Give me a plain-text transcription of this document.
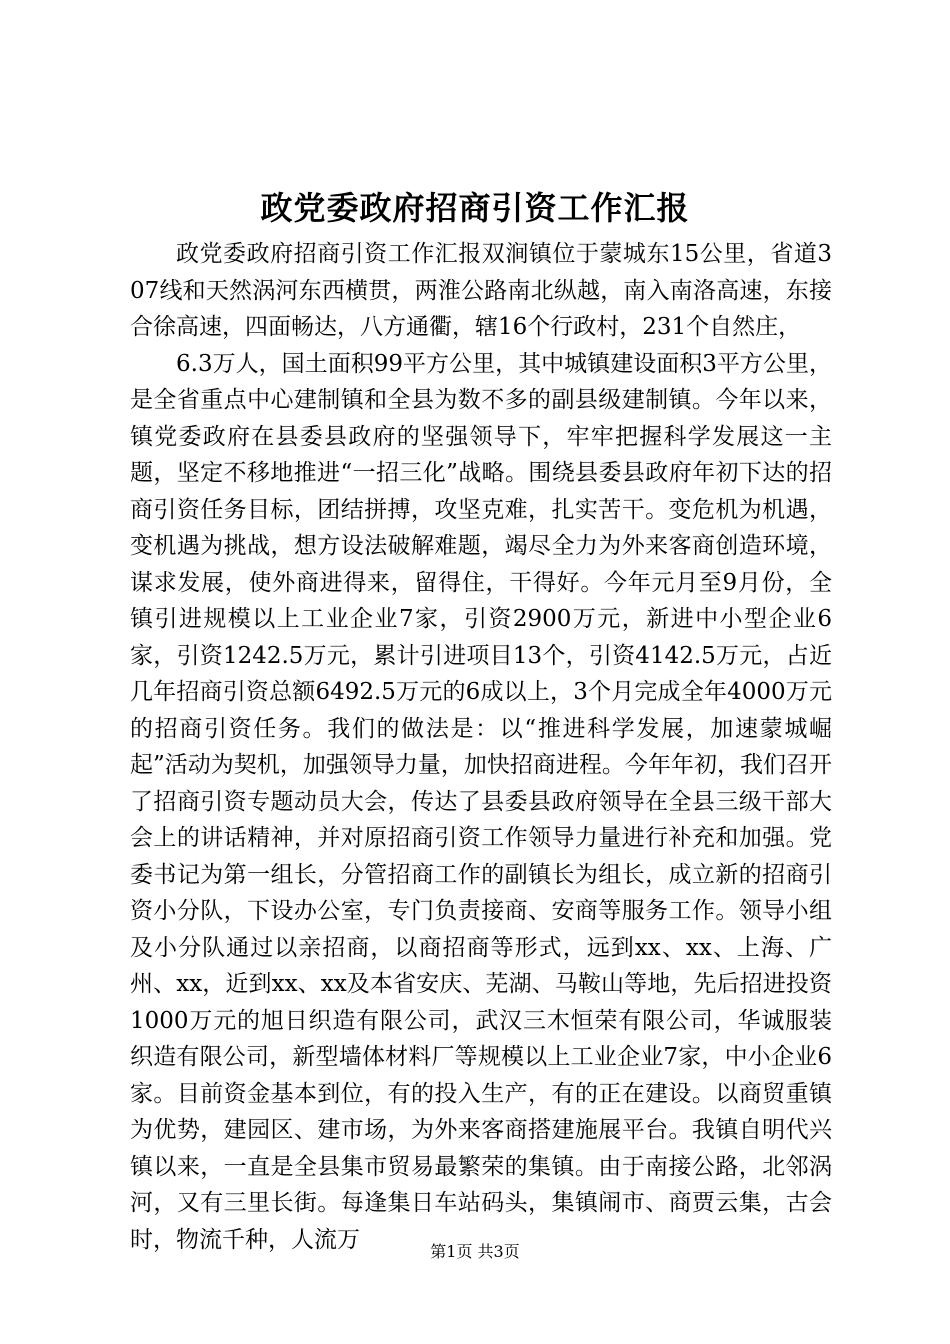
政党委政府招商引资工作汇报

政党委政府招商引资工作汇报双涧镇位于蒙城东15公里，省道307线和天然涡河东西横贯，两淮公路南北纵越，南入南洛高速，东接合徐高速，四面畅达，八方通衢，辖16个行政村，231个自然庄，

6.3万人，国土面积99平方公里，其中城镇建设面积3平方公里，是全省重点中心建制镇和全县为数不多的副县级建制镇。今年以来，镇党委政府在县委县政府的坚强领导下，牢牢把握科学发展这一主题，坚定不移地推进“一招三化”战略。围绕县委县政府年初下达的招商引资任务目标，团结拼搏，攻坚克难，扎实苦干。变危机为机遇，变机遇为挑战，想方设法破解难题，竭尽全力为外来客商创造环境，谋求发展，使外商进得来，留得住，干得好。今年元月至9月份，全镇引进规模以上工业企业7家，引资2900万元，新进中小型企业6家，引资1242.5万元，累计引进项目13个，引资4142.5万元，占近几年招商引资总额6492.5万元的6成以上，3个月完成全年4000万元的招商引资任务。我们的做法是：以“推进科学发展，加速蒙城崛起”活动为契机，加强领导力量，加快招商进程。今年年初，我们召开了招商引资专题动员大会，传达了县委县政府领导在全县三级干部大会上的讲话精神，并对原招商引资工作领导力量进行补充和加强。党委书记为第一组长，分管招商工作的副镇长为组长，成立新的招商引资小分队，下设办公室，专门负责接商、安商等服务工作。领导小组及小分队通过以亲招商，以商招商等形式，远到xx、xx、上海、广州、xx，近到xx、xx及本省安庆、芜湖、马鞍山等地，先后招进投资1000万元的旭日织造有限公司，武汉三木恒荣有限公司，华诚服装织造有限公司，新型墙体材料厂等规模以上工业企业7家，中小企业6家。目前资金基本到位，有的投入生产，有的正在建设。以商贸重镇为优势，建园区、建市场，为外来客商搭建施展平台。我镇自明代兴镇以来，一直是全县集市贸易最繁荣的集镇。由于南接公路，北邻涡河，又有三里长街。每逢集日车站码头，集镇闹市、商贾云集，古会时，物流千种，人流万	第1页 共3页
